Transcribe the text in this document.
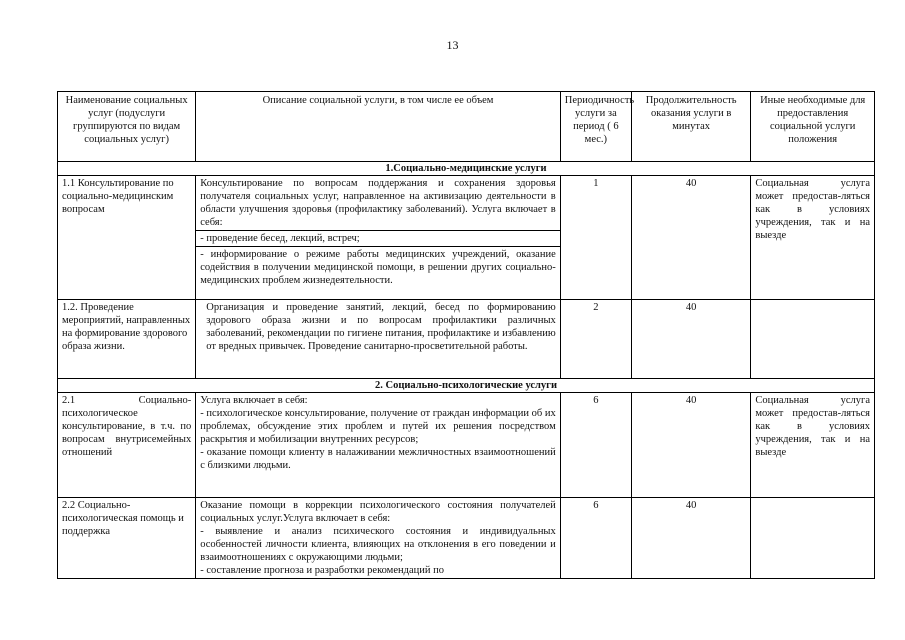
13
Наименование социальных услуг (подуслуги группируются по видам социальных услуг)	Описание социальной услуги, в том числе ее объем	Периодичность услуги за период ( 6 мес.)	Продолжительность оказания услуги в минутах	Иные необходимые для предоставления социальной услуги положения
1.Социально-медицинские услуги				
1.1 Консультирование по социально-медицинским вопросам	Консультирование по вопросам поддержания и сохранения здоровья получателя социальных услуг, направленное на активизацию деятельности в области улучшения здоровья (профилактику заболеваний). Услуга включает в себя:
- проведение бесед, лекций, встреч;
- информирование о режиме работы медицинских учреждений, оказание содействия в получении медицинской помощи, в решении других социально-медицинских проблем жизнедеятельности.	1	40	Социальная услуга может предостав-ляться как в условиях учреждения, так и на выезде
1.2. Проведение мероприятий, направленных на формирование здорового образа жизни.	Организация и проведение занятий, лекций, бесед по формированию здорового образа жизни и по вопросам профилактики различных заболеваний, рекомендации по гигиене питания, профилактике и избавлению от вредных привычек. Проведение санитарно-просветительной работы.	2	40	
2. Социально-психологические услуги				
2.1 Социально-психологическое консультирование, в т.ч. по вопросам внутрисемейных отношений	Услуга включает в себя:
- психологическое консультирование, получение от граждан информации об их проблемах, обсуждение этих проблем и путей их решения посредством раскрытия и мобилизации внутренних ресурсов;
- оказание помощи клиенту в налаживании межличностных взаимоотношений с близкими людьми.	6	40	Социальная услуга может предостав-ляться как в условиях учреждения, так и на выезде
2.2 Социально-психологическая помощь и поддержка	Оказание помощи в коррекции психологического состояния получателей социальных услуг.Услуга включает в себя:
- выявление и анализ психического состояния и индивидуальных особенностей личности клиента, влияющих на отклонения в его поведении и взаимоотношениях с окружающими людьми;
- составление прогноза и разработки рекомендаций по	6	40	
